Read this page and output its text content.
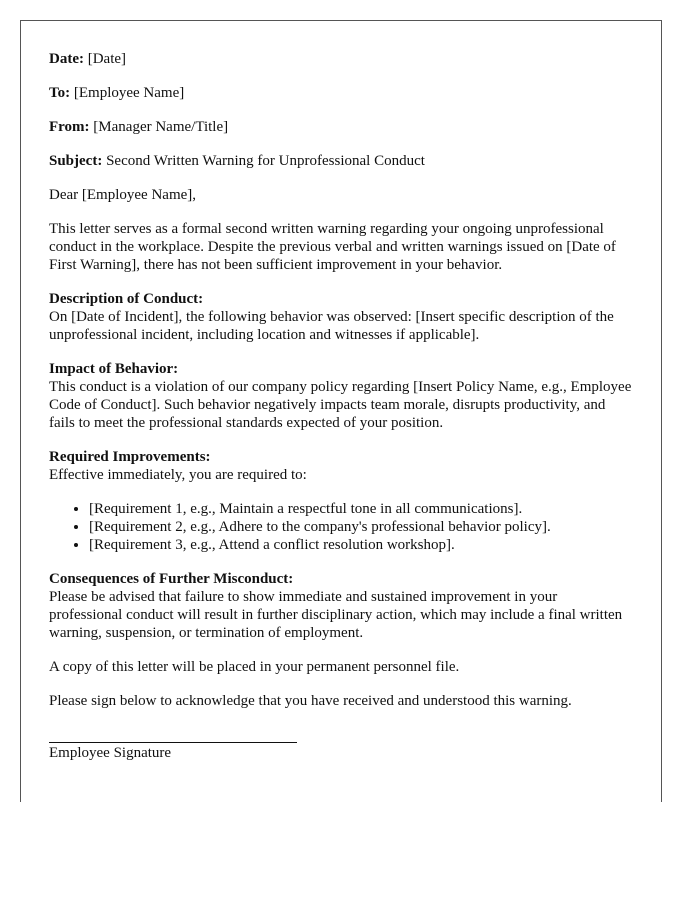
Date: [Date]
To: [Employee Name]
From: [Manager Name/Title]
Subject: Second Written Warning for Unprofessional Conduct

Dear [Employee Name],

This letter serves as a formal second written warning regarding your ongoing unprofessional conduct in the workplace. Despite the previous verbal and written warnings issued on [Date of First Warning], there has not been sufficient improvement in your behavior.

Description of Conduct:
On [Date of Incident], the following behavior was observed: [Insert specific description of the unprofessional incident, including location and witnesses if applicable].
Impact of Behavior:
This conduct is a violation of our company policy regarding [Insert Policy Name, e.g., Employee Code of Conduct]. Such behavior negatively impacts team morale, disrupts productivity, and fails to meet the professional standards expected of your position.
Required Improvements:
Effective immediately, you are required to:
• [Requirement 1, e.g., Maintain a respectful tone in all communications].
• [Requirement 2, e.g., Adhere to the company's professional behavior policy].
• [Requirement 3, e.g., Attend a conflict resolution workshop].
Consequences of Further Misconduct:
Please be advised that failure to show immediate and sustained improvement in your professional conduct will result in further disciplinary action, which may include a final written warning, suspension, or termination of employment.

A copy of this letter will be placed in your permanent personnel file.

Please sign below to acknowledge that you have received and understood this warning.

Employee Signature
